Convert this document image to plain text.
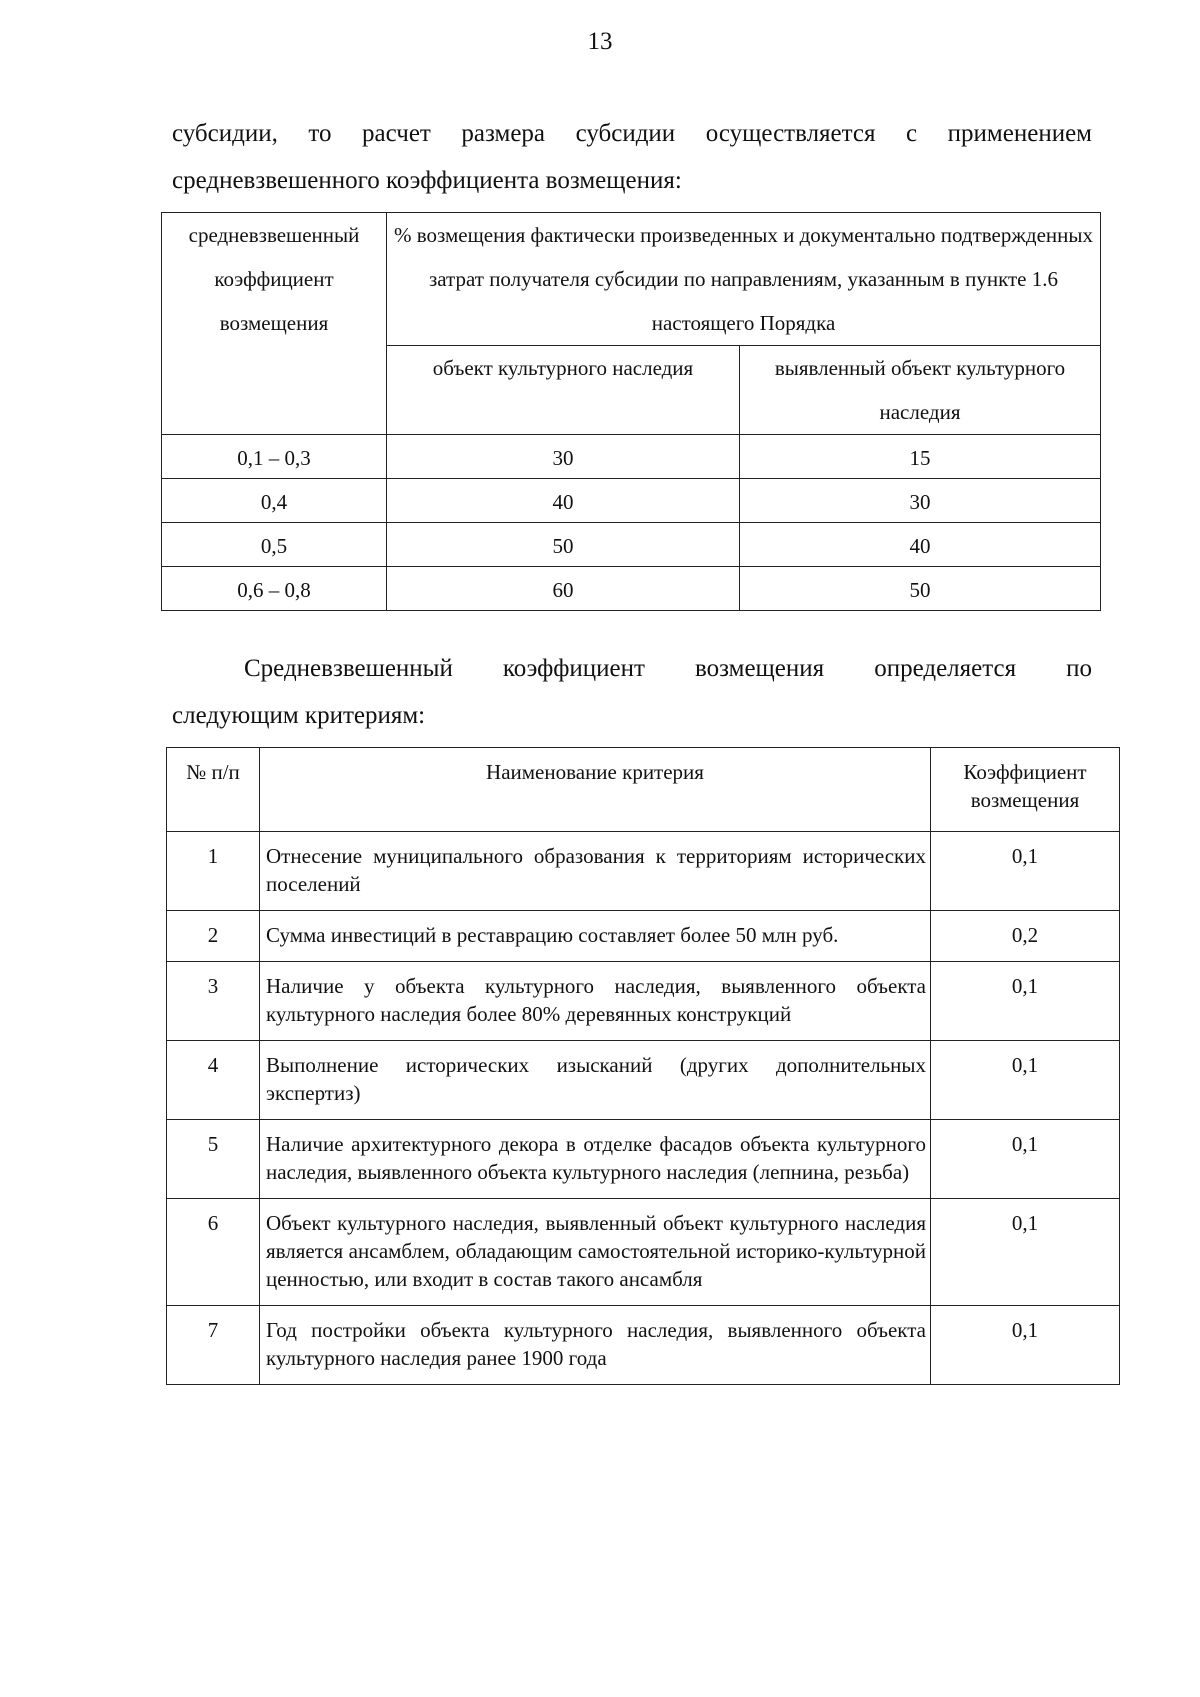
13
субсидии, то расчет размера субсидии осуществляется с применением
средневзвешенного коэффициента возмещения:
средневзвешенный коэффициент возмещения	% возмещения фактически произведенных и документально подтвержденных затрат получателя субсидии по направлениям, указанным в пункте 1.6 настоящего Порядка	
	объект культурного наследия	выявленный объект культурного наследия
0,1 – 0,3	30	15
0,4	40	30
0,5	50	40
0,6 – 0,8	60	50
Средневзвешенный коэффициент возмещения определяется по
следующим критериям:
№ п/п	Наименование критерия	Коэффициент возмещения
1	Отнесение муниципального образования к территориям исторических поселений	0,1
2	Сумма инвестиций в реставрацию составляет более 50 млн руб.	0,2
3	Наличие у объекта культурного наследия, выявленного объекта культурного наследия более 80% деревянных конструкций	0,1
4	Выполнение исторических изысканий (других дополнительных экспертиз)	0,1
5	Наличие архитектурного декора в отделке фасадов объекта культурного наследия, выявленного объекта культурного наследия (лепнина, резьба)	0,1
6	Объект культурного наследия, выявленный объект культурного наследия является ансамблем, обладающим самостоятельной историко-культурной ценностью, или входит в состав такого ансамбля	0,1
7	Год постройки объекта культурного наследия, выявленного объекта культурного наследия ранее 1900 года	0,1
